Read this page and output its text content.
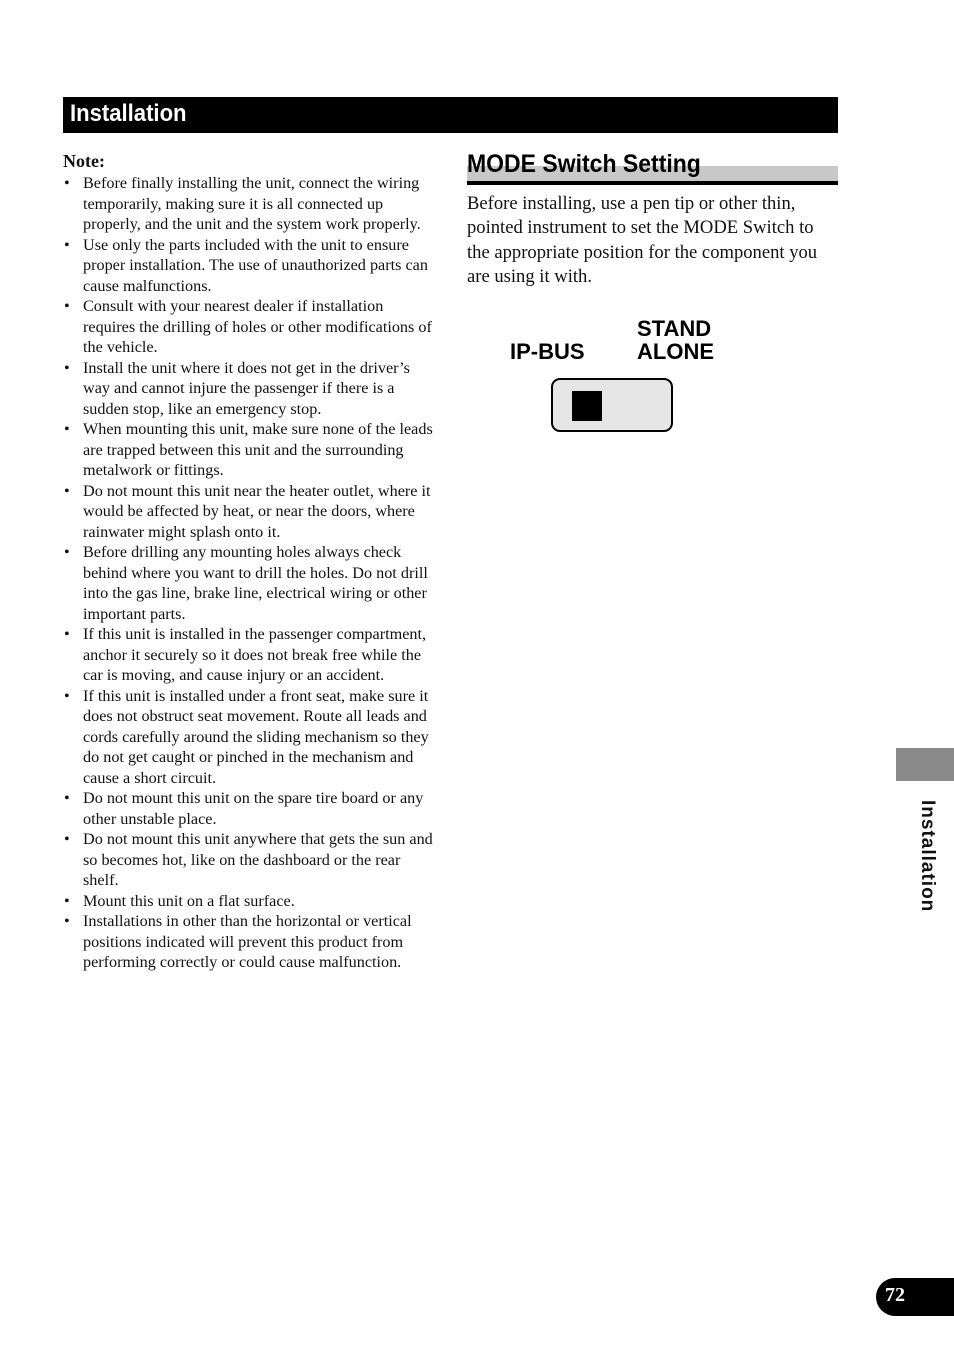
Installation
Note:
• Before finally installing the unit, connect the wiring temporarily, making sure it is all connected up properly, and the unit and the system work properly.
• Use only the parts included with the unit to ensure proper installation. The use of unauthorized parts can cause malfunctions.
• Consult with your nearest dealer if installation requires the drilling of holes or other modifications of the vehicle.
• Install the unit where it does not get in the driver’s way and cannot injure the passenger if there is a sudden stop, like an emergency stop.
• When mounting this unit, make sure none of the leads are trapped between this unit and the surrounding metalwork or fittings.
• Do not mount this unit near the heater outlet, where it would be affected by heat, or near the doors, where rainwater might splash onto it.
• Before drilling any mounting holes always check behind where you want to drill the holes. Do not drill into the gas line, brake line, electrical wiring or other important parts.
• If this unit is installed in the passenger compartment, anchor it securely so it does not break free while the car is moving, and cause injury or an accident.
• If this unit is installed under a front seat, make sure it does not obstruct seat movement. Route all leads and cords carefully around the sliding mechanism so they do not get caught or pinched in the mechanism and cause a short circuit.
• Do not mount this unit on the spare tire board or any other unstable place.
• Do not mount this unit anywhere that gets the sun and so becomes hot, like on the dashboard or the rear shelf.
• Mount this unit on a flat surface.
• Installations in other than the horizontal or vertical positions indicated will prevent this product from performing correctly or could cause malfunction.
MODE Switch Setting
Before installing, use a pen tip or other thin, pointed instrument to set the MODE Switch to the appropriate position for the component you are using it with.
IP-BUS
STAND
ALONE
Installation
72
